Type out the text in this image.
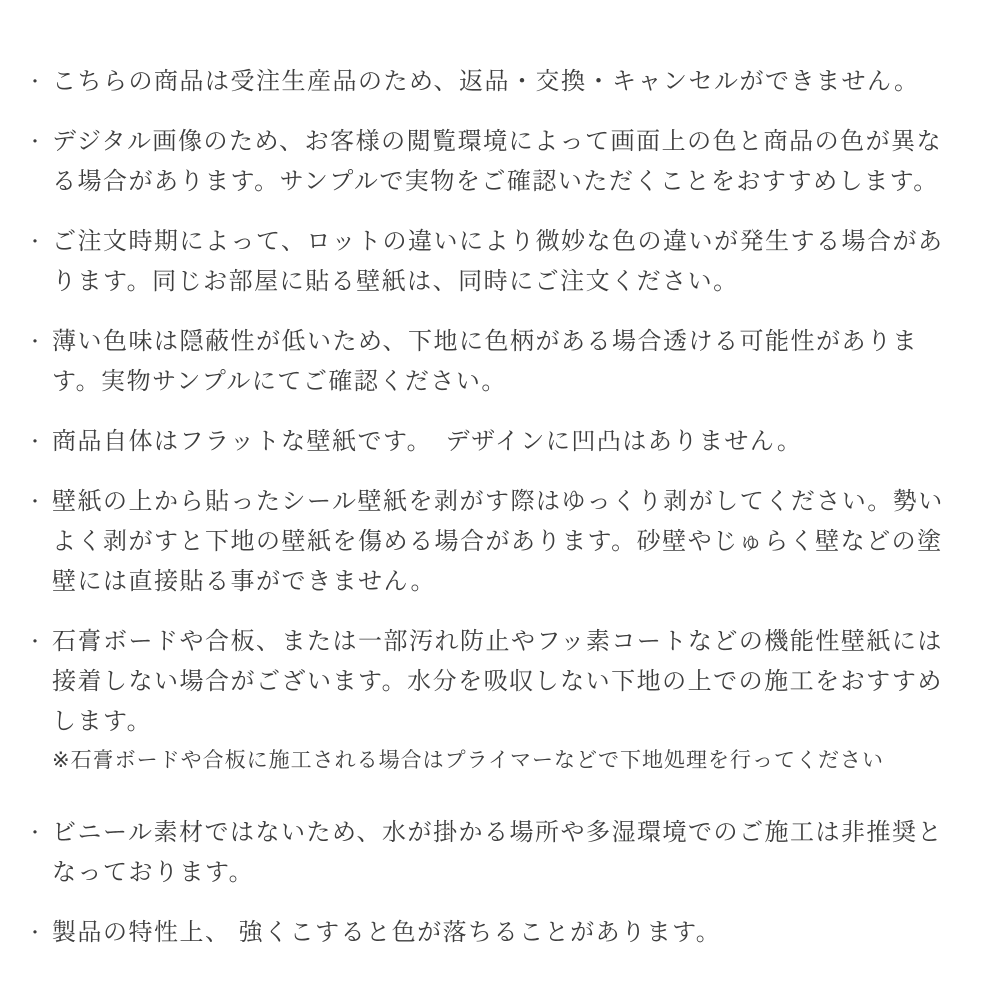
・ こちらの商品は受注生産品のため、返品・交換・キャンセルができません。
・ デジタル画像のため、お客様の閲覧環境によって画面上の色と商品の色が異なる場合があります。サンプルで実物をご確認いただくことをおすすめします。
・ ご注文時期によって、ロットの違いにより微妙な色の違いが発生する場合があります。同じお部屋に貼る壁紙は、同時にご注文ください。
・ 薄い色味は隠蔽性が低いため、下地に色柄がある場合透ける可能性があります。実物サンプルにてご確認ください。
・ 商品自体はフラットな壁紙です。　デザインに凹凸はありません。
・ 壁紙の上から貼ったシール壁紙を剥がす際はゆっくり剥がしてください。勢いよく剥がすと下地の壁紙を傷める場合があります。砂壁やじゅらく壁などの塗壁には直接貼る事ができません。
・ 石膏ボードや合板、または一部汚れ防止やフッ素コートなどの機能性壁紙には接着しない場合がございます。水分を吸収しない下地の上での施工をおすすめします。
※石膏ボードや合板に施工される場合はプライマーなどで下地処理を行ってください
・ ビニール素材ではないため、水が掛かる場所や多湿環境でのご施工は非推奨となっております。
・ 製品の特性上、 強くこすると色が落ちることがあります。
